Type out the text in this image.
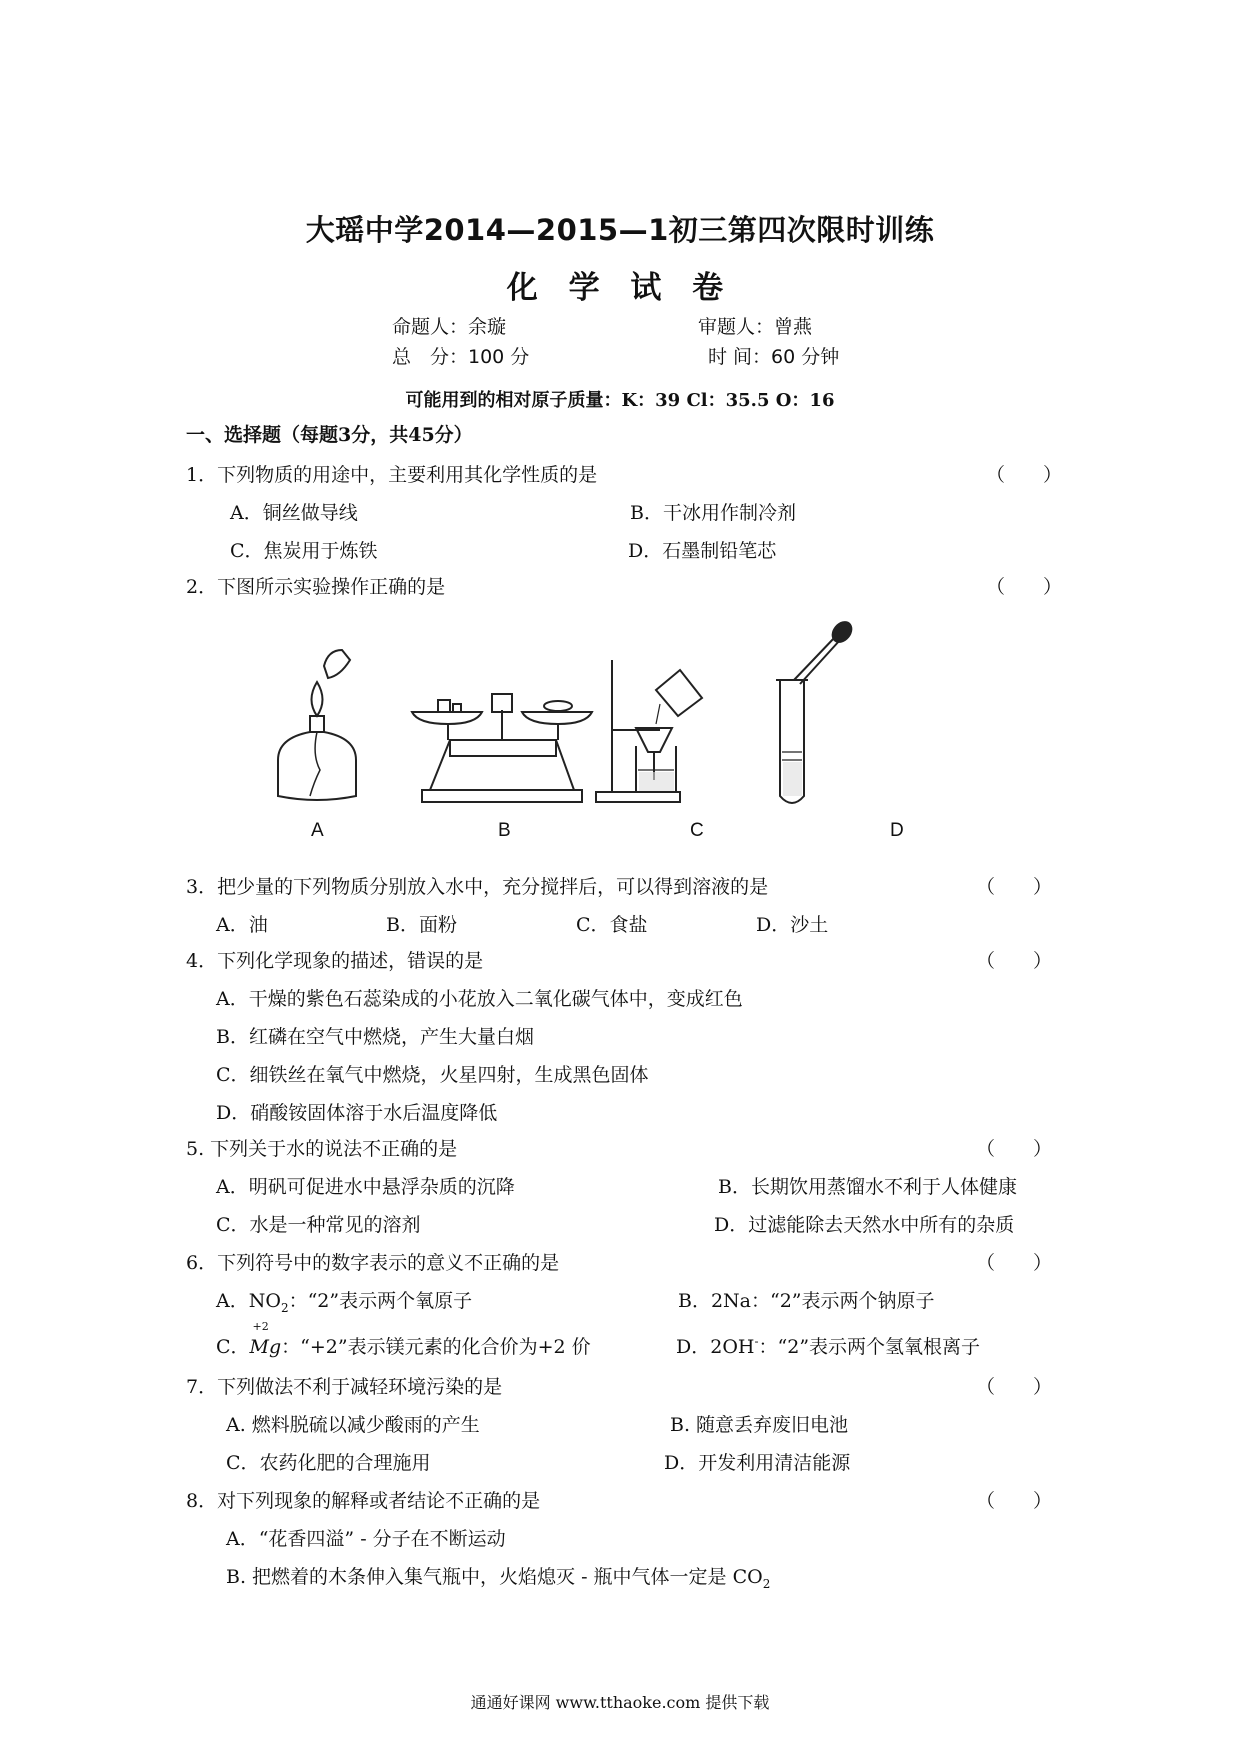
大瑶中学2014—2015—1初三第四次限时训练
化 学 试 卷
命题人：余璇	审题人：曾燕
总　分：100 分	时 间：60 分钟
可能用到的相对原子质量：K：39 Cl：35.5 O：16
一、选择题（每题3分，共45分）
1．下列物质的用途中，主要利用其化学性质的是	（　　）
A．铜丝做导线	B．干冰用作制冷剂
C．焦炭用于炼铁	D．石墨制铅笔芯
2．下图所示实验操作正确的是	（　　）
A	B	C	D
3．把少量的下列物质分别放入水中，充分搅拌后，可以得到溶液的是	（　　）
A．油	B．面粉	C．食盐	D．沙土
4．下列化学现象的描述，错误的是	（　　）
A．干燥的紫色石蕊染成的小花放入二氧化碳气体中，变成红色
B．红磷在空气中燃烧，产生大量白烟
C．细铁丝在氧气中燃烧，火星四射，生成黑色固体
D．硝酸铵固体溶于水后温度降低
5. 下列关于水的说法不正确的是	（　　）
A．明矾可促进水中悬浮杂质的沉降	B．长期饮用蒸馏水不利于人体健康
C．水是一种常见的溶剂	D．过滤能除去天然水中所有的杂质
6．下列符号中的数字表示的意义不正确的是	（　　）
A．$NO_2$：“2”表示两个氧原子	B．2Na：“2”表示两个钠原子
C．
+2
Mg：“+2”表示镁元素的化合价为+2 价	D．2OH-：“2”表示两个氢氧根离子
7．下列做法不利于减轻环境污染的是	（　　）
A. 燃料脱硫以减少酸雨的产生	B. 随意丢弃废旧电池
C．农药化肥的合理施用	D．开发利用清洁能源
8．对下列现象的解释或者结论不正确的是	（　　）
A．“花香四溢” - 分子在不断运动
B. 把燃着的木条伸入集气瓶中，火焰熄灭 - 瓶中气体一定是 $CO_2$
通通好课网 www.tthaoke.com 提供下载
